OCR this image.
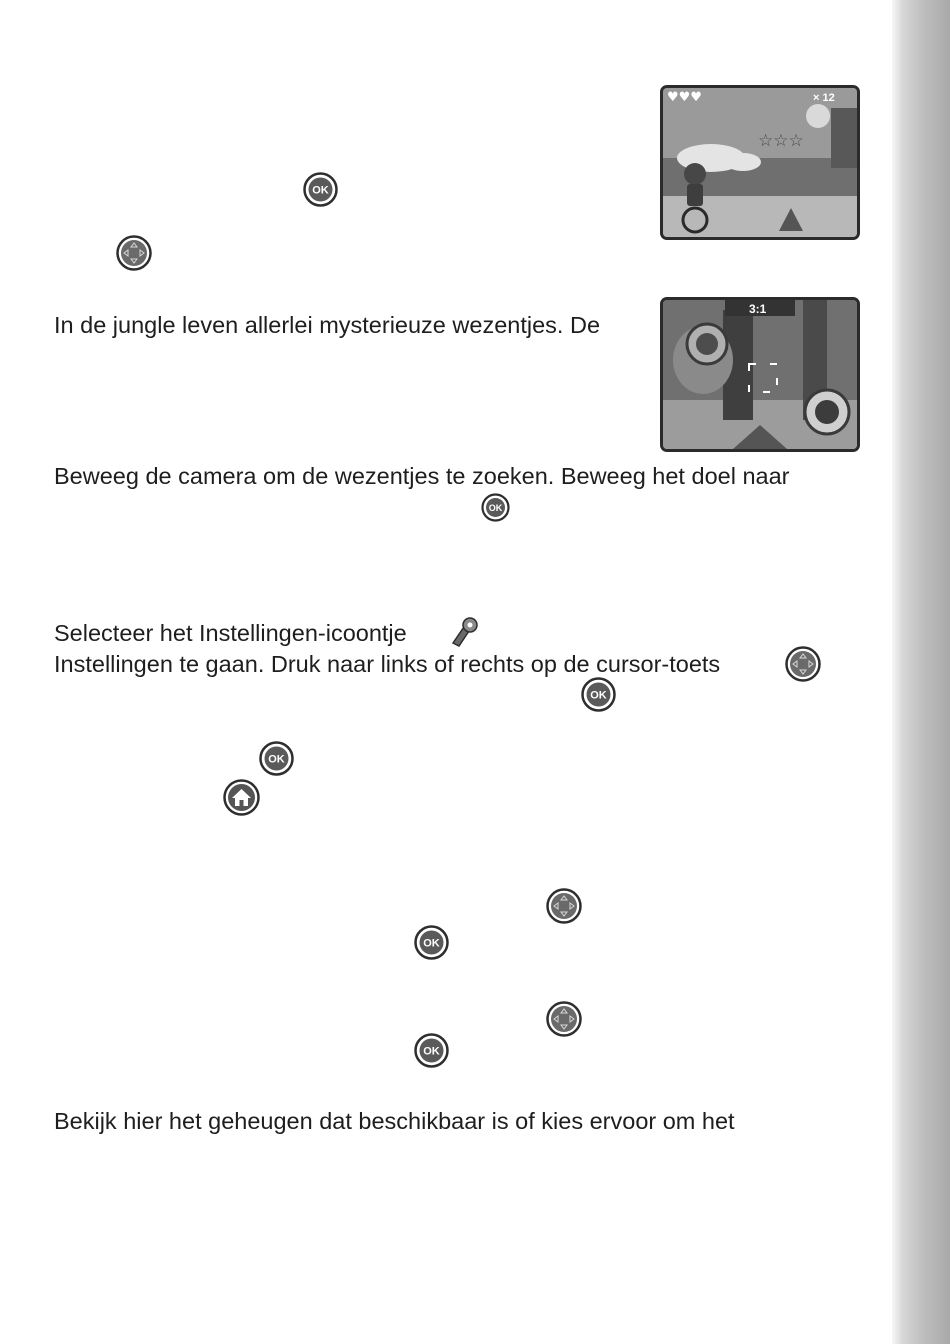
☆☆☆
♥♥♥	× 12
3:1
In de jungle leven allerlei mysterieuze wezentjes. De
Beweeg de camera om de wezentjes te zoeken. Beweeg het doel naar
Selecteer het Instellingen-icoontje
Instellingen te gaan. Druk naar links of rechts op de cursor-toets
Bekijk hier het geheugen dat beschikbaar is of kies ervoor om het
OK
OK
OK
OK
OK
OK
